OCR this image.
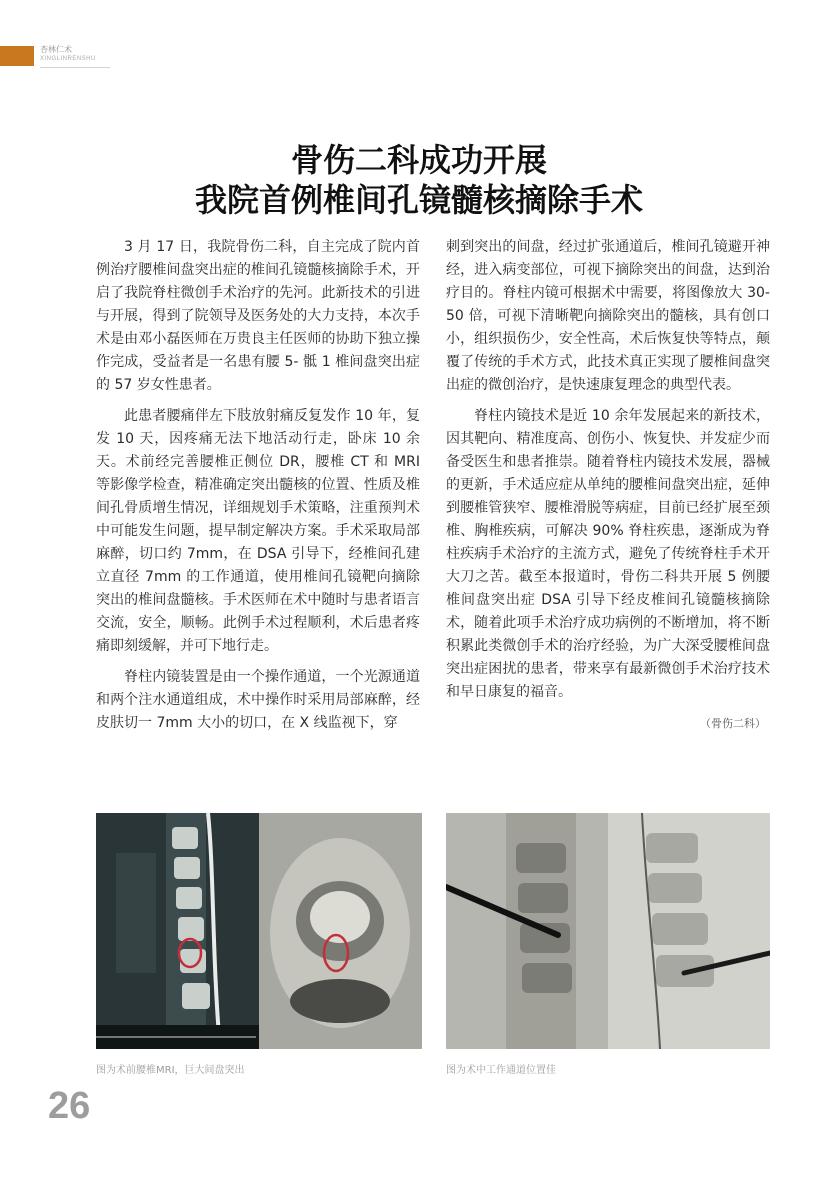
杏林仁术
XINGLINRENSHU
骨伤二科成功开展
我院首例椎间孔镜髓核摘除手术

3 月 17 日，我院骨伤二科，自主完成了院内首例治疗腰椎间盘突出症的椎间孔镜髓核摘除手术，开启了我院脊柱微创手术治疗的先河。此新技术的引进与开展，得到了院领导及医务处的大力支持，本次手术是由邓小磊医师在万贵良主任医师的协助下独立操作完成，受益者是一名患有腰 5- 骶 1 椎间盘突出症的 57 岁女性患者。

此患者腰痛伴左下肢放射痛反复发作 10 年，复发 10 天，因疼痛无法下地活动行走，卧床 10 余天。术前经完善腰椎正侧位 DR，腰椎 CT 和 MRI 等影像学检查，精准确定突出髓核的位置、性质及椎间孔骨质增生情况，详细规划手术策略，注重预判术中可能发生问题，提早制定解决方案。手术采取局部麻醉，切口约 7mm，在 DSA 引导下，经椎间孔建立直径 7mm 的工作通道，使用椎间孔镜靶向摘除突出的椎间盘髓核。手术医师在术中随时与患者语言交流，安全，顺畅。此例手术过程顺利，术后患者疼痛即刻缓解，并可下地行走。

脊柱内镜装置是由一个操作通道，一个光源通道和两个注水通道组成，术中操作时采用局部麻醉，经皮肤切一 7mm 大小的切口，在 X 线监视下，穿

刺到突出的间盘，经过扩张通道后，椎间孔镜避开神经，进入病变部位，可视下摘除突出的间盘，达到治疗目的。脊柱内镜可根据术中需要，将图像放大 30-50 倍，可视下清晰靶向摘除突出的髓核，具有创口小，组织损伤少，安全性高，术后恢复快等特点，颠覆了传统的手术方式，此技术真正实现了腰椎间盘突出症的微创治疗，是快速康复理念的典型代表。

脊柱内镜技术是近 10 余年发展起来的新技术，因其靶向、精准度高、创伤小、恢复快、并发症少而备受医生和患者推崇。随着脊柱内镜技术发展，器械的更新，手术适应症从单纯的腰椎间盘突出症，延伸到腰椎管狭窄、腰椎滑脱等病症，目前已经扩展至颈椎、胸椎疾病，可解决 90% 脊柱疾患，逐渐成为脊柱疾病手术治疗的主流方式，避免了传统脊柱手术开大刀之苦。截至本报道时，骨伤二科共开展 5 例腰椎间盘突出症 DSA 引导下经皮椎间孔镜髓核摘除术，随着此项手术治疗成功病例的不断增加，将不断积累此类微创手术的治疗经验，为广大深受腰椎间盘突出症困扰的患者，带来享有最新微创手术治疗技术和早日康复的福音。

（骨伤二科）
图为术前腰椎MRI，巨大间盘突出	图为术中工作通道位置佳
26
